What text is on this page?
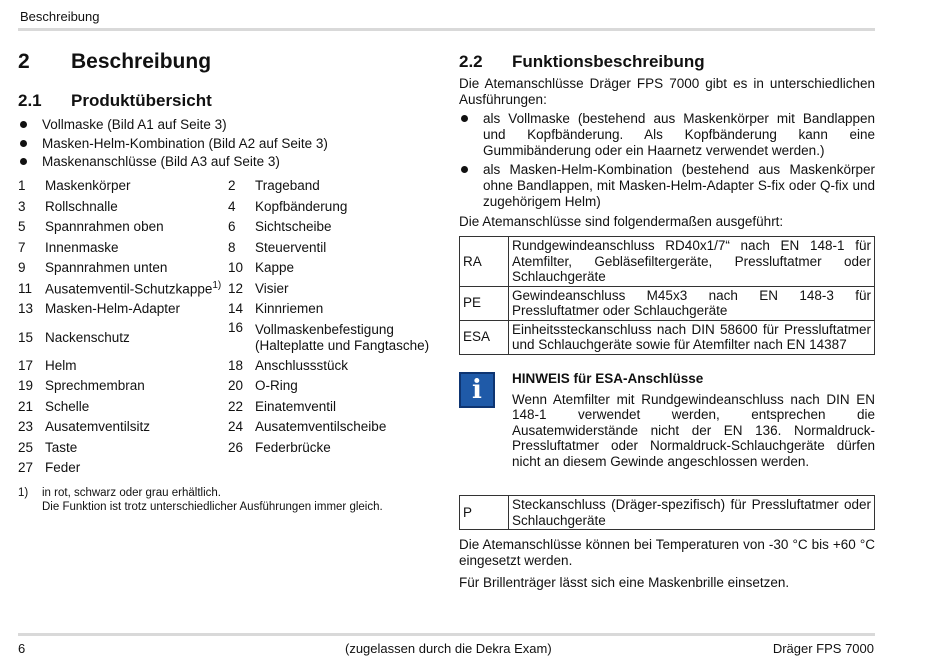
Beschreibung
2	Beschreibung
2.1	Produktübersicht
Vollmaske (Bild A1 auf Seite 3)
Masken-Helm-Kombination (Bild A2 auf Seite 3)
Maskenanschlüsse (Bild A3 auf Seite 3)
1	Maskenkörper	2	Trageband
3	Rollschnalle	4	Kopfbänderung
5	Spannrahmen oben	6	Sichtscheibe
7	Innenmaske	8	Steuerventil
9	Spannrahmen unten	10	Kappe
11	Ausatemventil-Schutzkappe$^{1)}$	12	Visier
13	Masken-Helm-Adapter	14	Kinnriemen
15	Nackenschutz	16	Vollmaskenbefestigung
(Halteplatte und Fangtasche)

17	Helm	18	Anschlussstück
19	Sprechmembran	20	O-Ring
21	Schelle	22	Einatemventil
23	Ausatemventilsitz	24	Ausatemventilscheibe
25	Taste	26	Federbrücke
27	Feder		
1) in rot, schwarz oder grau erhältlich.
Die Funktion ist trotz unterschiedlicher Ausführungen immer gleich.
2.2	Funktionsbeschreibung
Die Atemanschlüsse Dräger FPS 7000 gibt es in unterschiedlichen Ausführungen:
als Vollmaske (bestehend aus Maskenkörper mit Bandlappen und Kopfbänderung. Als Kopfbänderung kann eine Gummibänderung oder ein Haarnetz verwendet werden.)
als Masken-Helm-Kombination (bestehend aus Maskenkörper ohne Bandlappen, mit Masken-Helm-Adapter S-fix oder Q-fix und zugehörigem Helm)
Die Atemanschlüsse sind folgendermaßen ausgeführt:
RA	Rundgewindeanschluss RD40x1/7“ nach EN 148-1 für Atemfilter, Gebläsefiltergeräte, Pressluftatmer oder Schlauchgeräte
PE	Gewindeanschluss M45x3 nach EN 148-3 für Pressluftatmer oder Schlauchgeräte
ESA	Einheitssteckanschluss nach DIN 58600 für Pressluftatmer und Schlauchgeräte sowie für Atemfilter nach EN 14387
i	HINWEIS für ESA-Anschlüsse
Wenn Atemfilter mit Rundgewindeanschluss nach DIN EN 148-1 verwendet werden, entsprechen die Ausatemwiderstände nicht der EN 136. Normaldruck-Pressluftatmer oder Normaldruck-Schlauchgeräte dürfen nicht an diesem Gewinde angeschlossen werden.
P	Steckanschluss (Dräger-spezifisch) für Pressluftatmer oder Schlauchgeräte
Die Atemanschlüsse können bei Temperaturen von -30 °C bis +60 °C eingesetzt werden.
Für Brillenträger lässt sich eine Maskenbrille einsetzen.
6	(zugelassen durch die Dekra Exam)	Dräger FPS 7000
